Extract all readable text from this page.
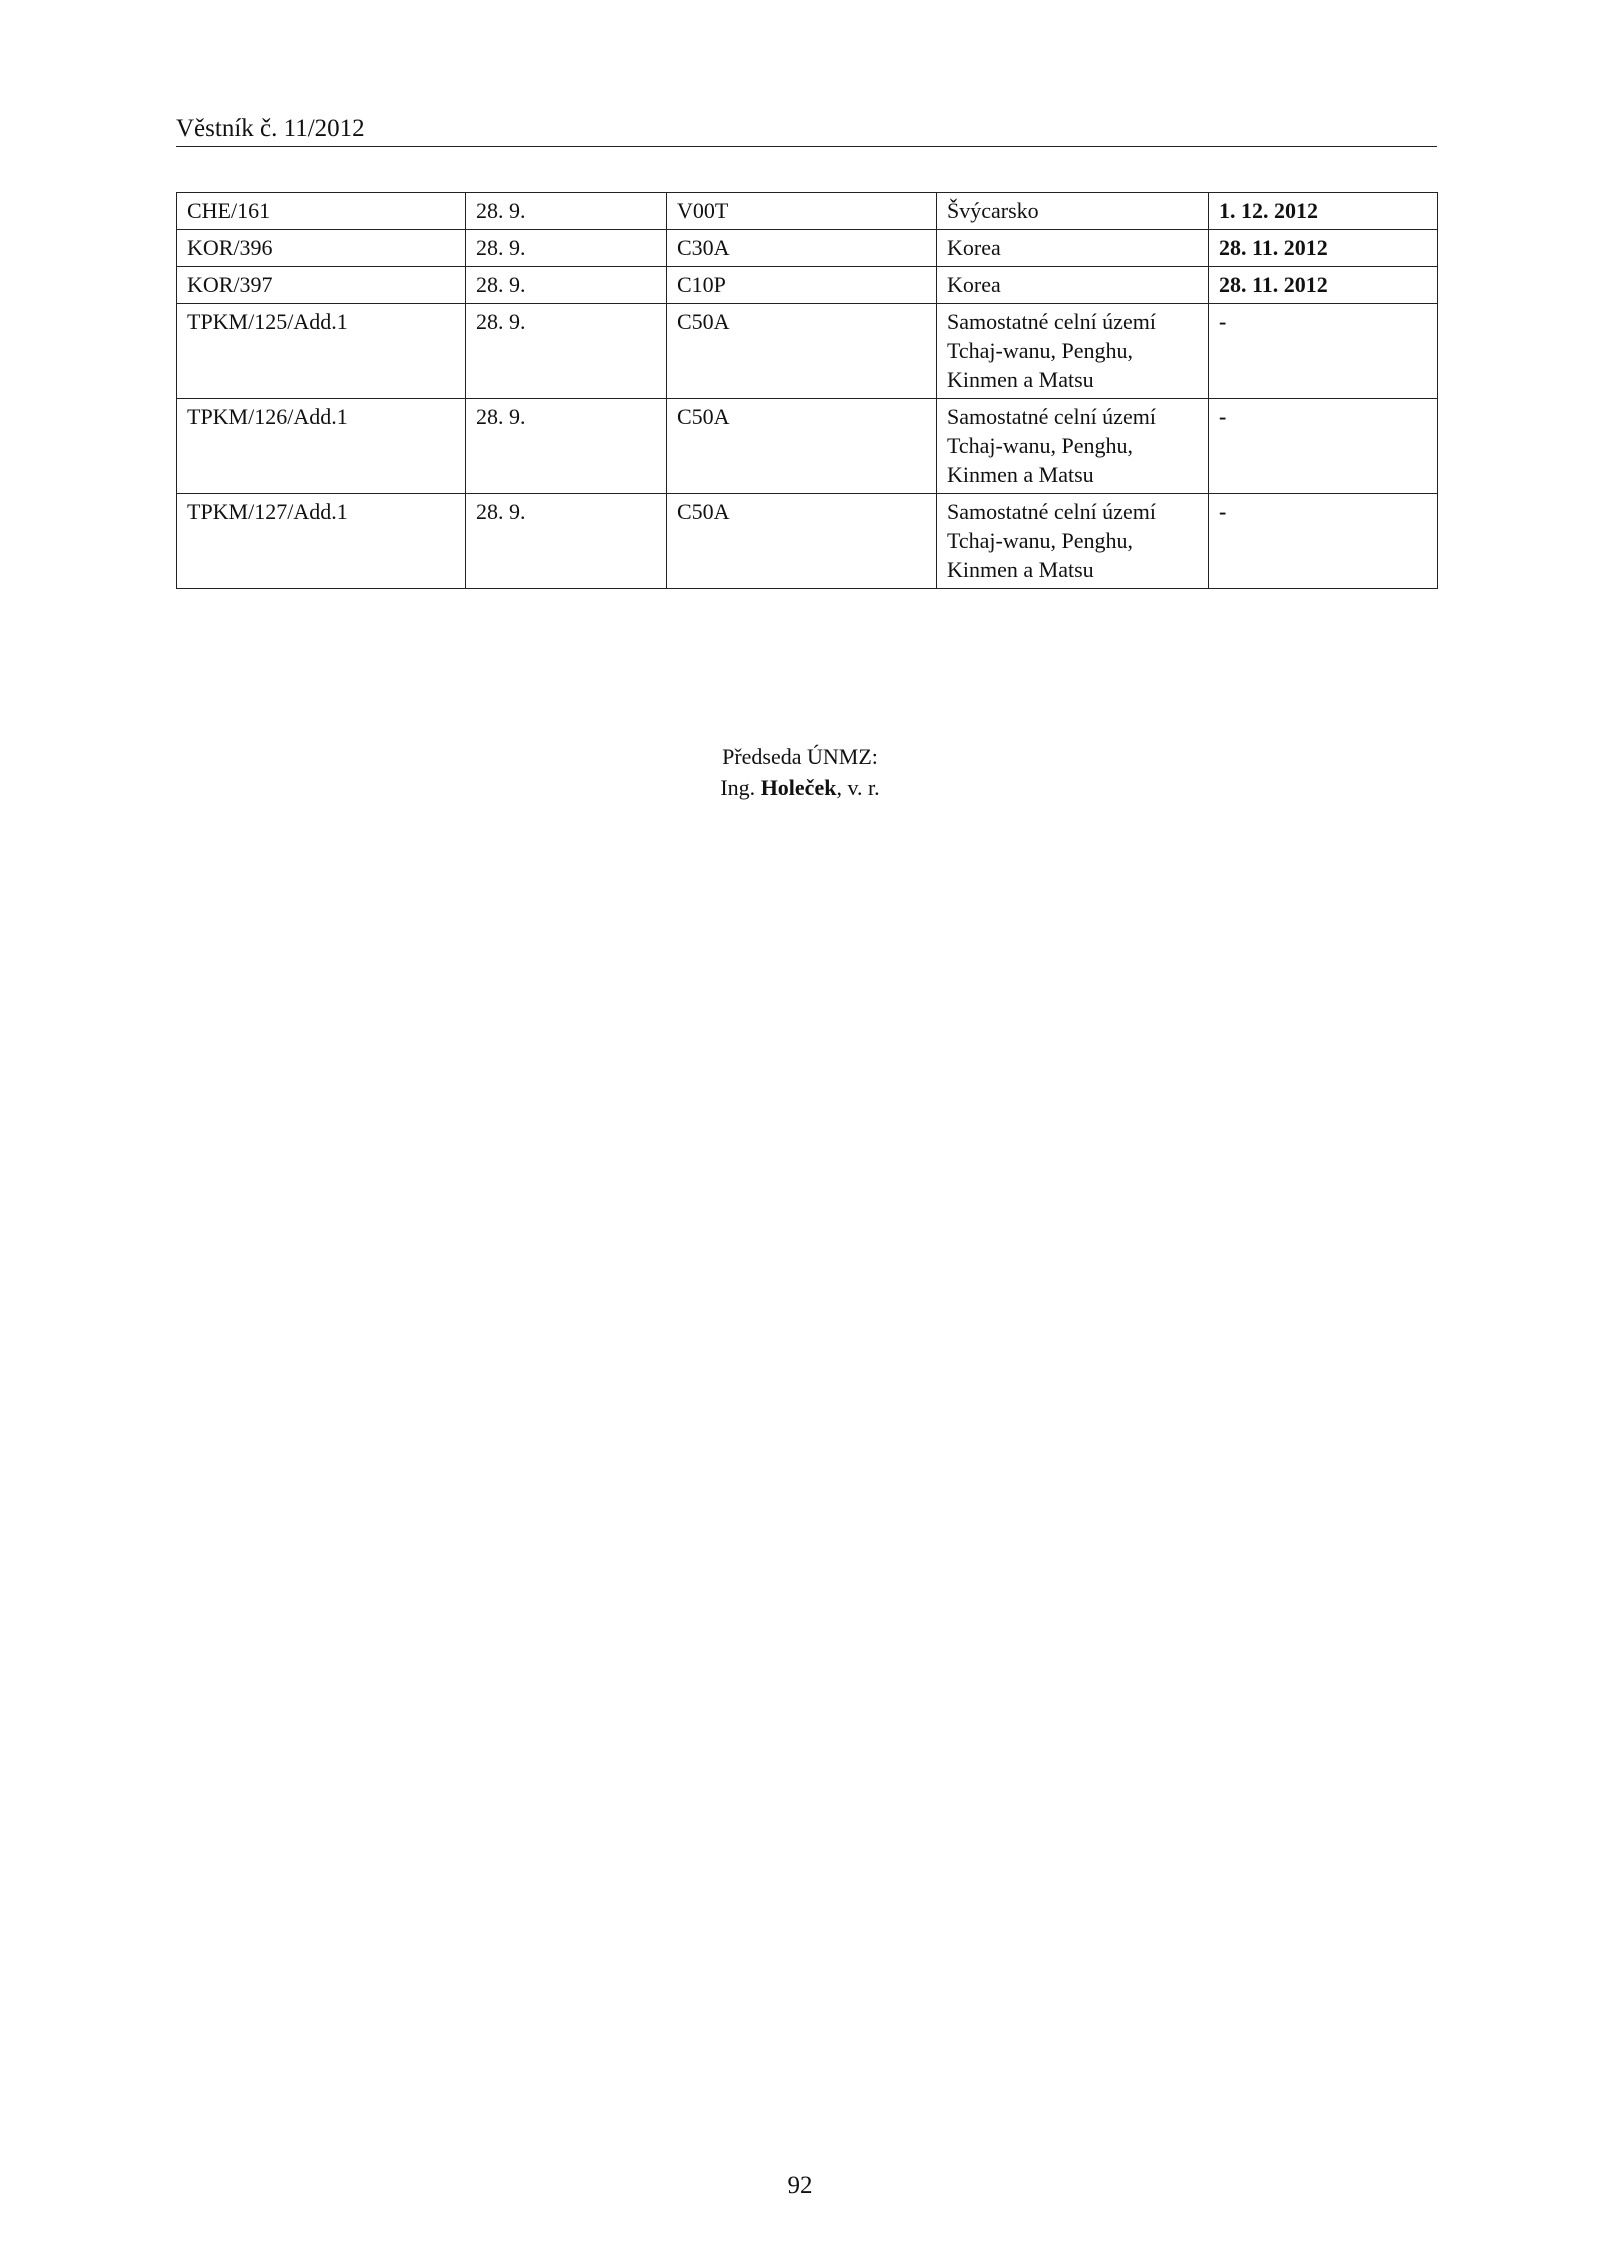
Věstník č. 11/2012
CHE/161	28. 9.	V00T	Švýcarsko	1. 12. 2012
KOR/396	28. 9.	C30A	Korea	28. 11. 2012
KOR/397	28. 9.	C10P	Korea	28. 11. 2012
TPKM/125/Add.1	28. 9.	C50A	Samostatné celní území
Tchaj-wanu, Penghu,
Kinmen a Matsu	-
TPKM/126/Add.1	28. 9.	C50A	Samostatné celní území
Tchaj-wanu, Penghu,
Kinmen a Matsu	-
TPKM/127/Add.1	28. 9.	C50A	Samostatné celní území
Tchaj-wanu, Penghu,
Kinmen a Matsu	-
Předseda ÚNMZ:
Ing. Holeček, v. r.
92
